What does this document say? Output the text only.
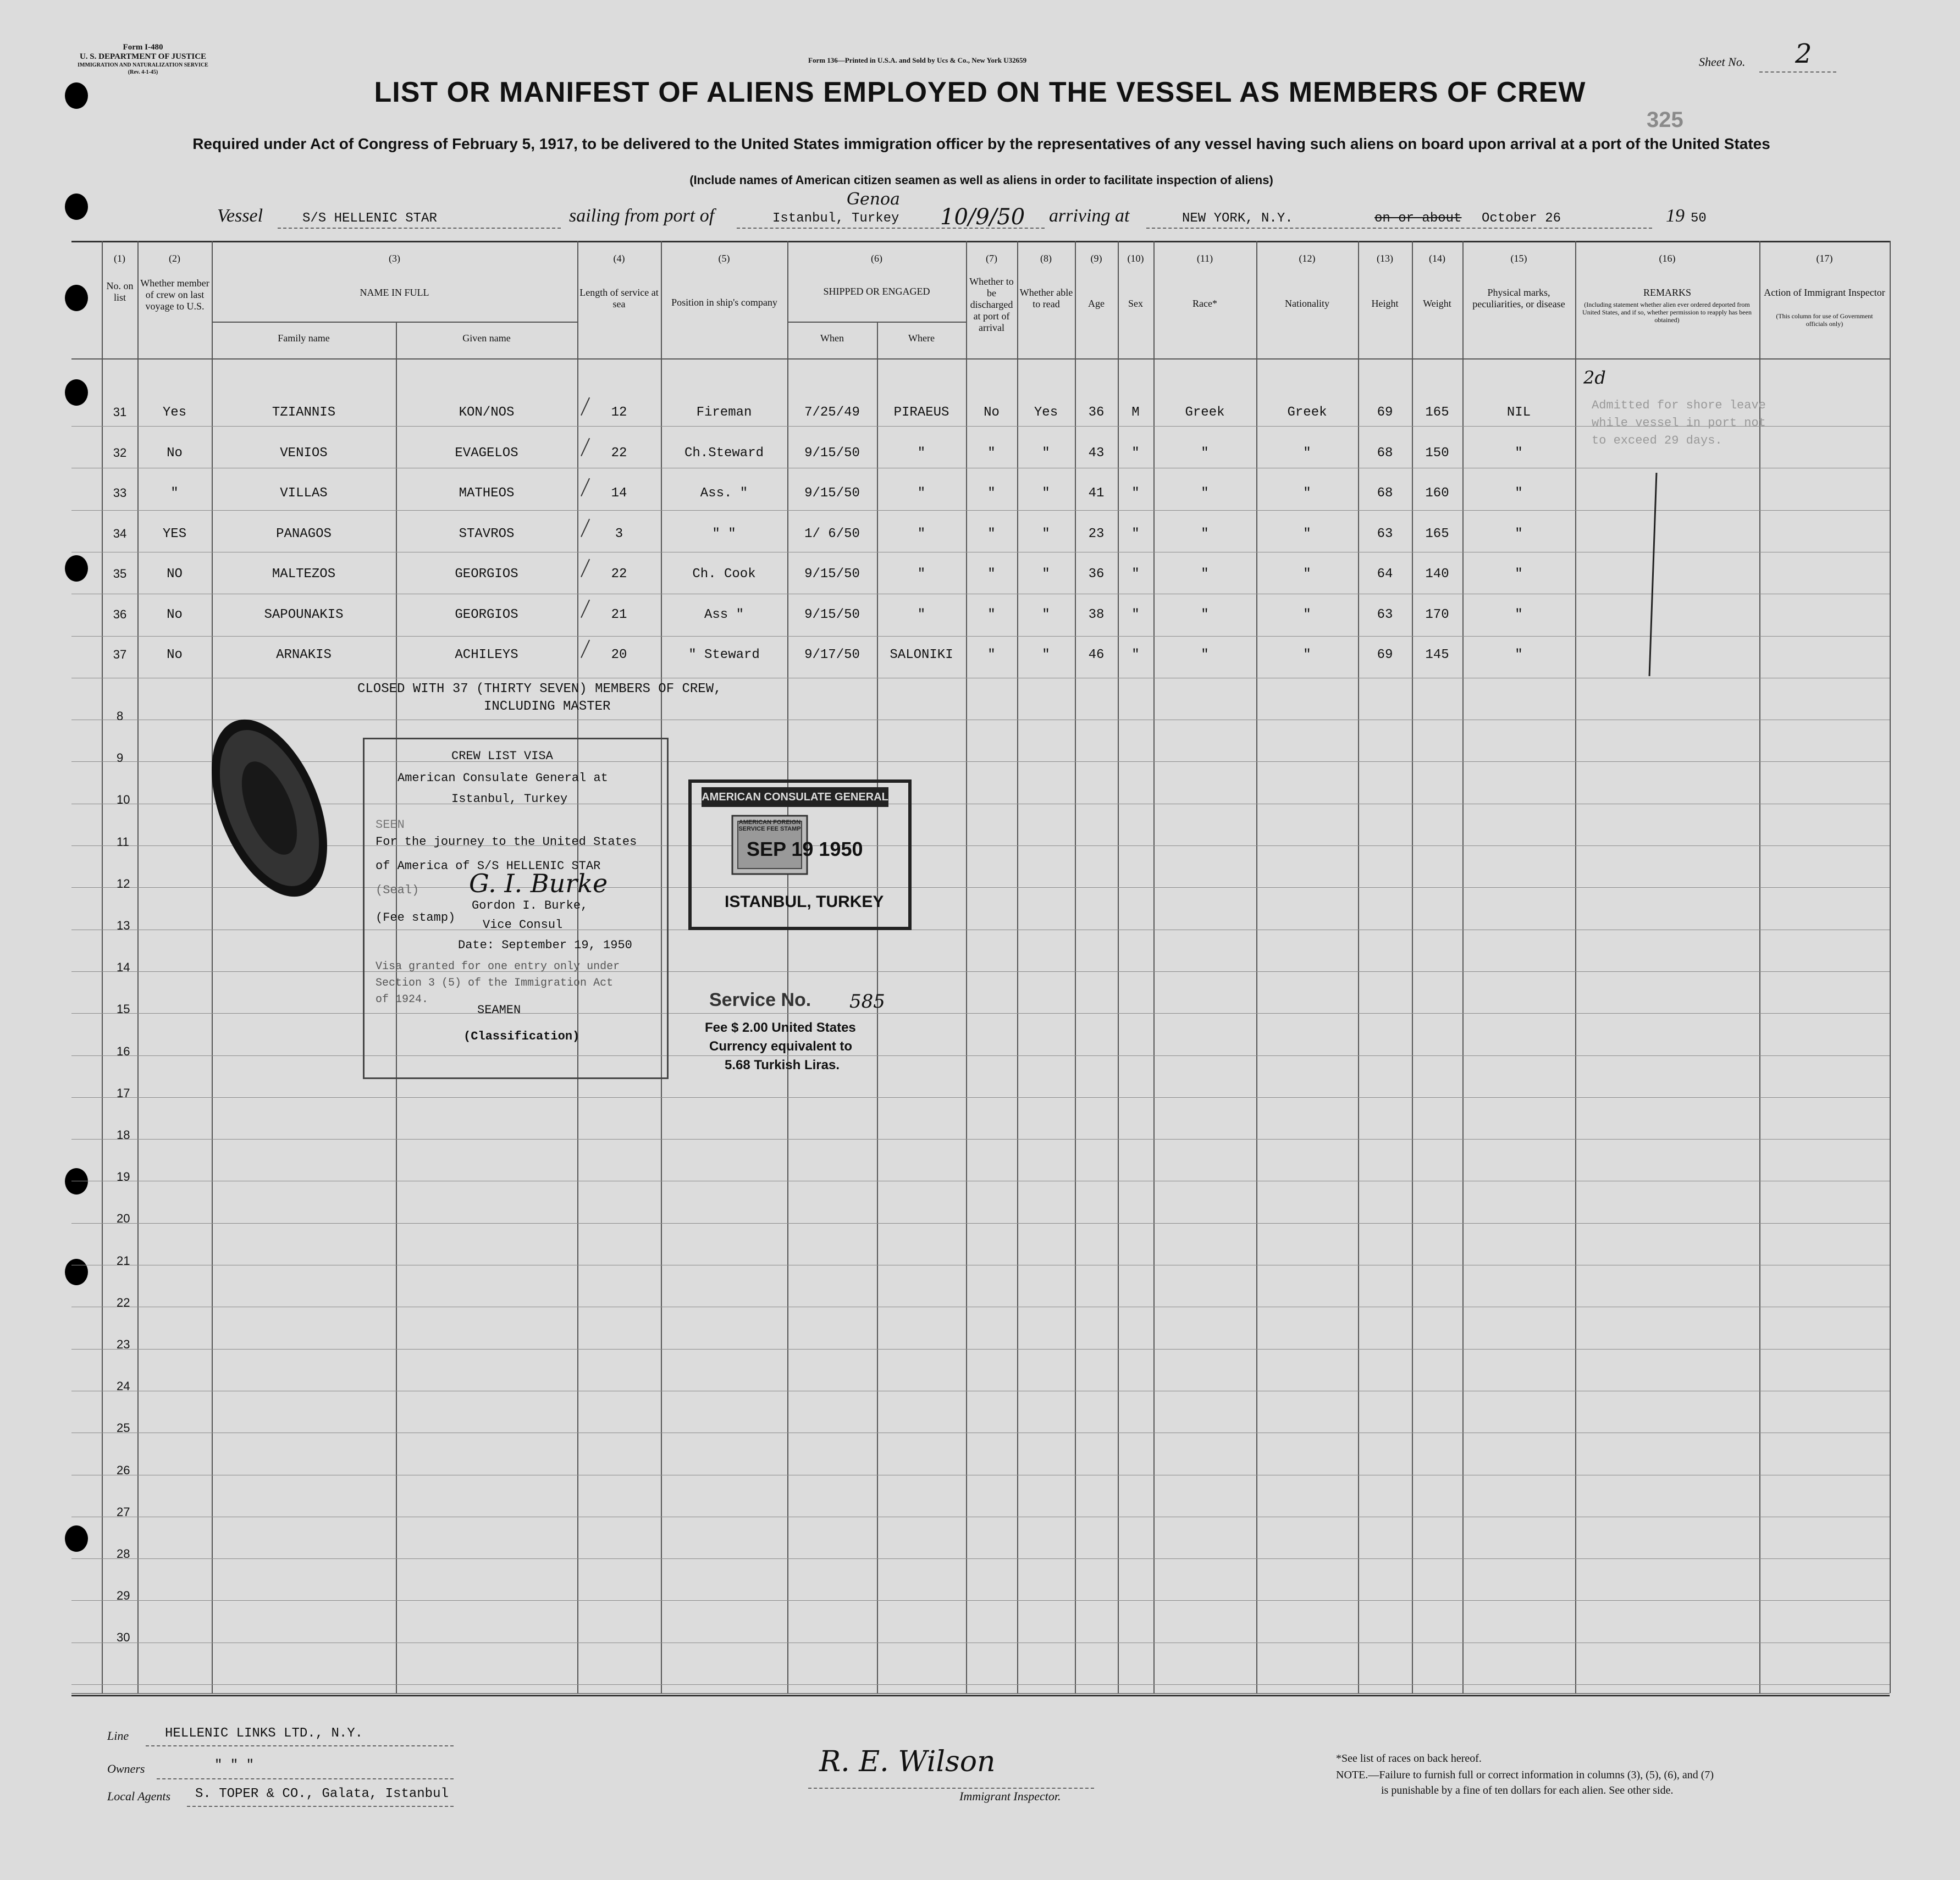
Form I-480
U. S. DEPARTMENT OF JUSTICE
IMMIGRATION AND NATURALIZATION SERVICE
(Rev. 4-1-45)
Form 136—Printed in U.S.A. and Sold by Ucs & Co., New York U32659	Sheet No. 2
LIST OR MANIFEST OF ALIENS EMPLOYED ON THE VESSEL AS MEMBERS OF CREW
325
Required under Act of Congress of February 5, 1917, to be delivered to the United States immigration officer by the representatives of any vessel having such aliens on board upon arrival at a port of the United States
(Include names of American citizen seamen as well as aliens in order to facilitate inspection of aliens)
Vessel	S/S HELLENIC STAR	sailing from port of	Istanbul, Turkey
Genoa
10/9/50 arriving at	NEW YORK, N.Y.	on or about October 26	19 50
(1)	(2)	(3)	(4)	(5)	(6)	(7)	(8)	(9)	(10)	(11)	(12)	(13)	(14)	(15)	(16)	(17)
No. on list
Whether member of crew on last voyage to U.S.
NAME IN FULL
Family name	Given name
Length of service at sea	Position in ship's company
SHIPPED OR ENGAGED
When	Where
Whether to be discharged at port of arrival
Whether able to read	Age	Sex	Race*	Nationality	Height	Weight
Physical marks, peculiarities, or disease
REMARKS
(Including statement whether alien ever ordered deported from United States, and if so, whether permission to reapply has been obtained)
Action of Immigrant Inspector
(This column for use of Government officials only)
8
9
10
11
12
13
14
15
16
17
18
19
20
21
22
23
24
25
26
27
28
29
30
31	Yes	TZIANNIS	KON/NOS	12	Fireman	7/25/49	PIRAEUS	No	Yes	36	M	Greek	Greek	69	165	NIL
32	No	VENIOS	EVAGELOS	22	Ch.Steward	9/15/50	"	"	"	43	"	"	"	68	150	"
33	"	VILLAS	MATHEOS	14	Ass. "	9/15/50	"	"	"	41	"	"	"	68	160	"
34	YES	PANAGOS	STAVROS	3	" "	1/ 6/50	"	"	"	23	"	"	"	63	165	"
35	NO	MALTEZOS	GEORGIOS	22	Ch. Cook	9/15/50	"	"	"	36	"	"	"	64	140	"
36	No	SAPOUNAKIS	GEORGIOS	21	Ass "	9/15/50	"	"	"	38	"	"	"	63	170	"
37	No	ARNAKIS	ACHILEYS	20	" Steward	9/17/50	SALONIKI	"	"	46	"	"	"	69	145	"
Admitted for shore leave while vessel in port not to exceed 29 days.
2d
CLOSED WITH 37 (THIRTY SEVEN) MEMBERS OF CREW,
INCLUDING MASTER
CREW LIST VISA
American Consulate General at
Istanbul, Turkey
SEEN
For the journey to the United States
of America of S/S HELLENIC STAR
(Seal) G. I. Burke
Gordon I. Burke,
(Fee stamp)
Vice Consul
Date: September 19, 1950
Visa granted for one entry only under
Section 3 (5) of the Immigration Act
of 1924.
SEAMEN
(Classification)
AMERICAN CONSULATE GENERAL
AMERICAN FOREIGN SERVICE FEE STAMP
SEP 19 1950
ISTANBUL, TURKEY
Service No. 585
Fee $ 2.00 United States
Currency equivalent to
5.68 Turkish Liras.
Line	HELLENIC LINKS LTD., N.Y.
Owners	" " "
Local Agents S. TOPER & CO., Galata, Istanbul
R. E. Wilson
Immigrant Inspector.
*See list of races on back hereof.
NOTE.—Failure to furnish full or correct information in columns (3), (5), (6), and (7)
is punishable by a fine of ten dollars for each alien. See other side.
